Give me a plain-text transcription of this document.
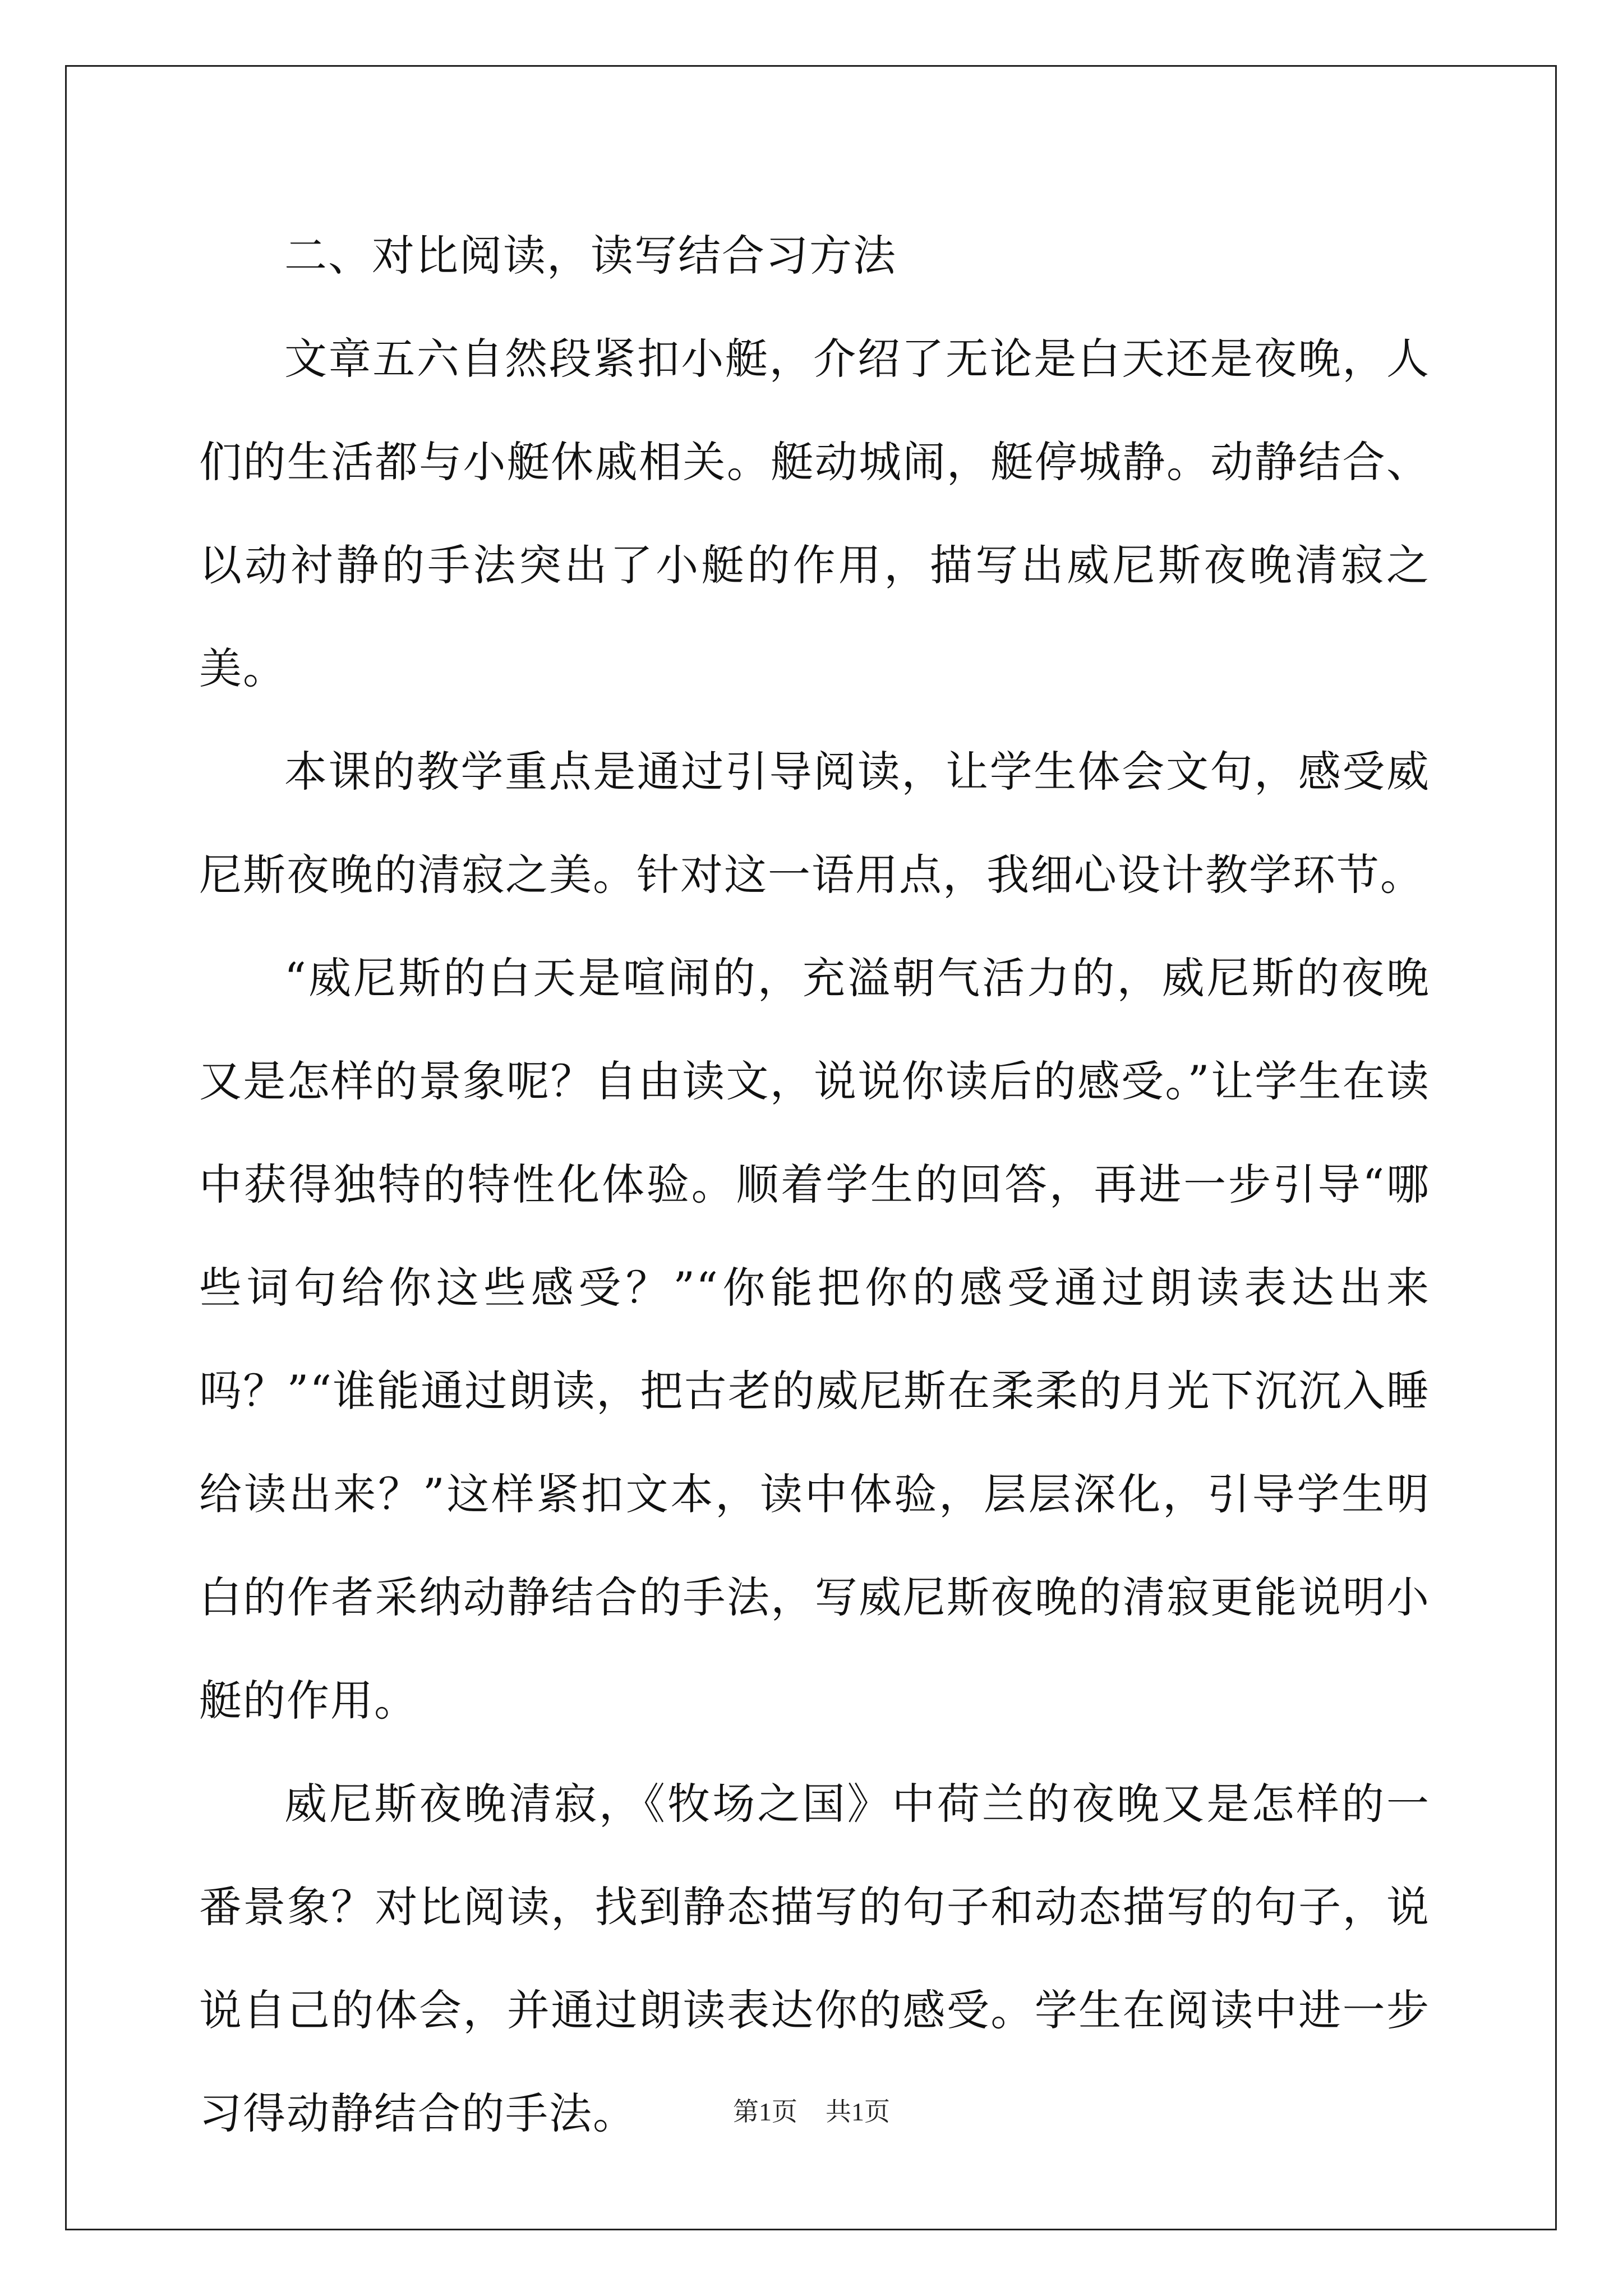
二、对比阅读，读写结合习方法

文章五六自然段紧扣小艇，介绍了无论是白天还是夜晚，人们的生活都与小艇休戚相关。艇动城闹，艇停城静。动静结合、以动衬静的手法突出了小艇的作用，描写出威尼斯夜晚清寂之美。

本课的教学重点是通过引导阅读，让学生体会文句，感受威尼斯夜晚的清寂之美。针对这一语用点，我细心设计教学环节。

“威尼斯的白天是喧闹的，充溢朝气活力的，威尼斯的夜晚又是怎样的景象呢？自由读文，说说你读后的感受。”让学生在读中获得独特的特性化体验。顺着学生的回答，再进一步引导“哪些词句给你这些感受？”“你能把你的感受通过朗读表达出来吗？”“谁能通过朗读，把古老的威尼斯在柔柔的月光下沉沉入睡给读出来？”这样紧扣文本，读中体验，层层深化，引导学生明白的作者采纳动静结合的手法，写威尼斯夜晚的清寂更能说明小艇的作用。

威尼斯夜晚清寂，《牧场之国》中荷兰的夜晚又是怎样的一番景象？对比阅读，找到静态描写的句子和动态描写的句子，说说自己的体会，并通过朗读表达你的感受。学生在阅读中进一步习得动静结合的手法。	第1页 共1页
